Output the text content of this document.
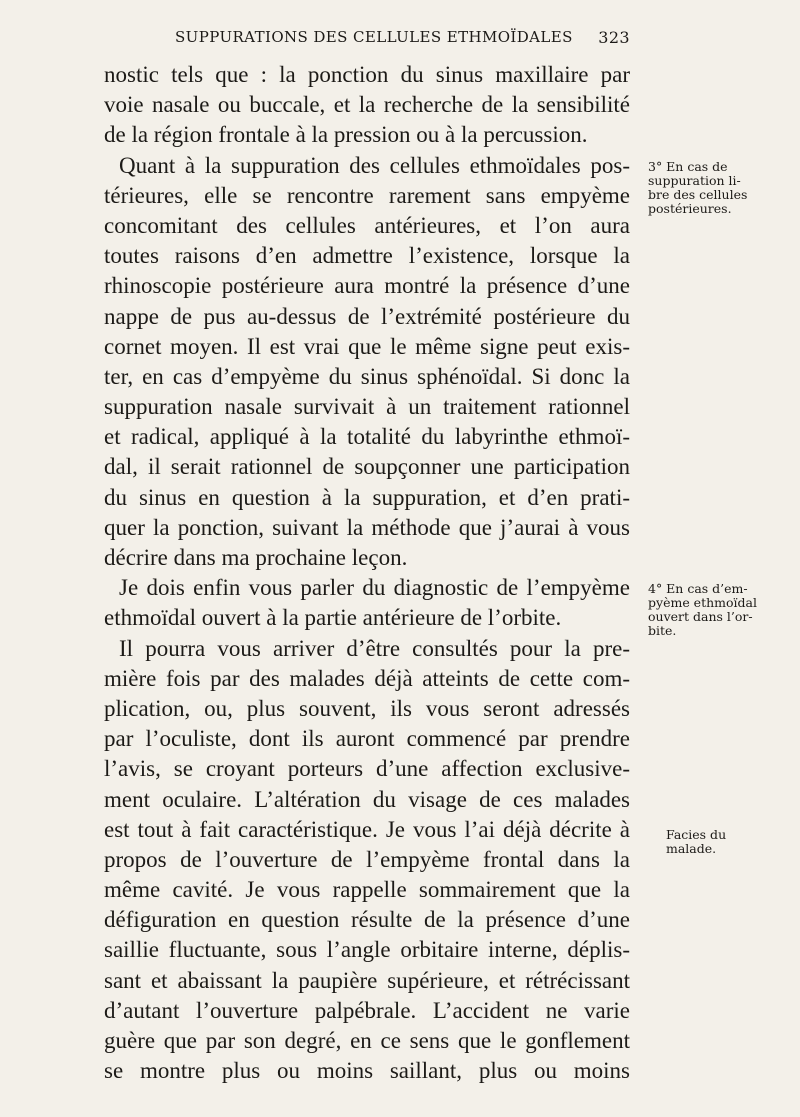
SUPPURATIONS DES CELLULES ETHMOÏDALES 323
nostic tels que : la ponction du sinus maxillaire par
voie nasale ou buccale, et la recherche de la sensibilité
de la région frontale à la pression ou à la percussion.
Quant à la suppuration des cellules ethmoïdales pos-
térieures, elle se rencontre rarement sans empyème
concomitant des cellules antérieures, et l’on aura
toutes raisons d’en admettre l’existence, lorsque la
rhinoscopie postérieure aura montré la présence d’une
nappe de pus au-dessus de l’extrémité postérieure du
cornet moyen. Il est vrai que le même signe peut exis-
ter, en cas d’empyème du sinus sphénoïdal. Si donc la
suppuration nasale survivait à un traitement rationnel
et radical, appliqué à la totalité du labyrinthe ethmoï-
dal, il serait rationnel de soupçonner une participation
du sinus en question à la suppuration, et d’en prati-
quer la ponction, suivant la méthode que j’aurai à vous
décrire dans ma prochaine leçon.
Je dois enfin vous parler du diagnostic de l’empyème
ethmoïdal ouvert à la partie antérieure de l’orbite.
Il pourra vous arriver d’être consultés pour la pre-
mière fois par des malades déjà atteints de cette com-
plication, ou, plus souvent, ils vous seront adressés
par l’oculiste, dont ils auront commencé par prendre
l’avis, se croyant porteurs d’une affection exclusive-
ment oculaire. L’altération du visage de ces malades
est tout à fait caractéristique. Je vous l’ai déjà décrite à
propos de l’ouverture de l’empyème frontal dans la
même cavité. Je vous rappelle sommairement que la
défiguration en question résulte de la présence d’une
saillie fluctuante, sous l’angle orbitaire interne, déplis-
sant et abaissant la paupière supérieure, et rétrécissant
d’autant l’ouverture palpébrale. L’accident ne varie
guère que par son degré, en ce sens que le gonflement
se montre plus ou moins saillant, plus ou moins
3° En cas de
suppuration li-
bre des cellules
postérieures.
4° En cas d’em-
pyème ethmoïdal
ouvert dans l’or-
bite.
Facies du
malade.
